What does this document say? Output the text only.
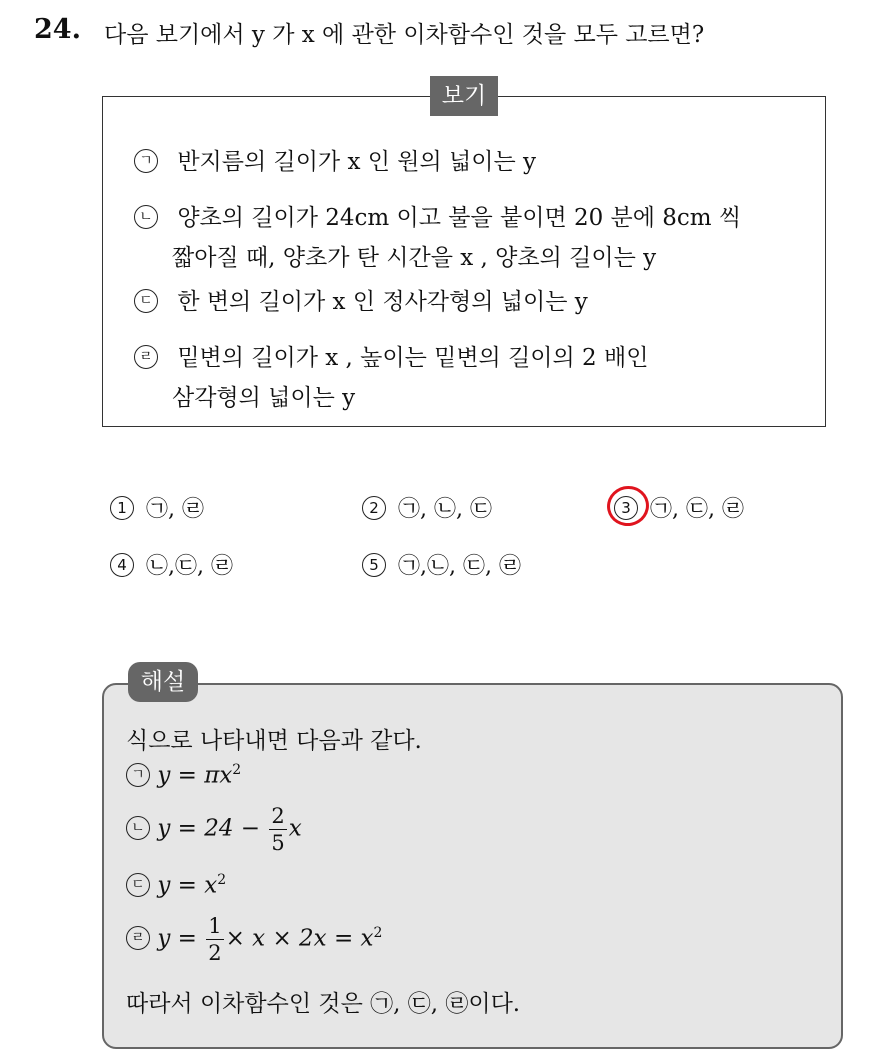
24. 다음 보기에서 y 가 x 에 관한 이차함수인 것을 모두 고르면?
보기
ㄱ 반지름의 길이가 x 인 원의 넓이는 y
ㄴ 양초의 길이가 24cm 이고 불을 붙이면 20 분에 8cm 씩
짧아질 때, 양초가 탄 시간을 x , 양초의 길이는 y
ㄷ 한 변의 길이가 x 인 정사각형의 넓이는 y
ㄹ 밑변의 길이가 x , 높이는 밑변의 길이의 2 배인
삼각형의 넓이는 y
1 ㉠, ㉣	2 ㉠, ㉡, ㉢	3 ㉠, ㉢, ㉣
4 ㉡,㉢, ㉣	5 ㉠,㉡, ㉢, ㉣
해설
식으로 나타내면 다음과 같다.
ㄱ $y = \pi x^2$
ㄴ $y = 24 - \frac{2}{5}$ x
ㄷ $y = x^2$
ㄹ $y = \frac{1}{2} \times x \times 2x = x^2$
따라서 이차함수인 것은 ㉠, ㉢, ㉣이다.
